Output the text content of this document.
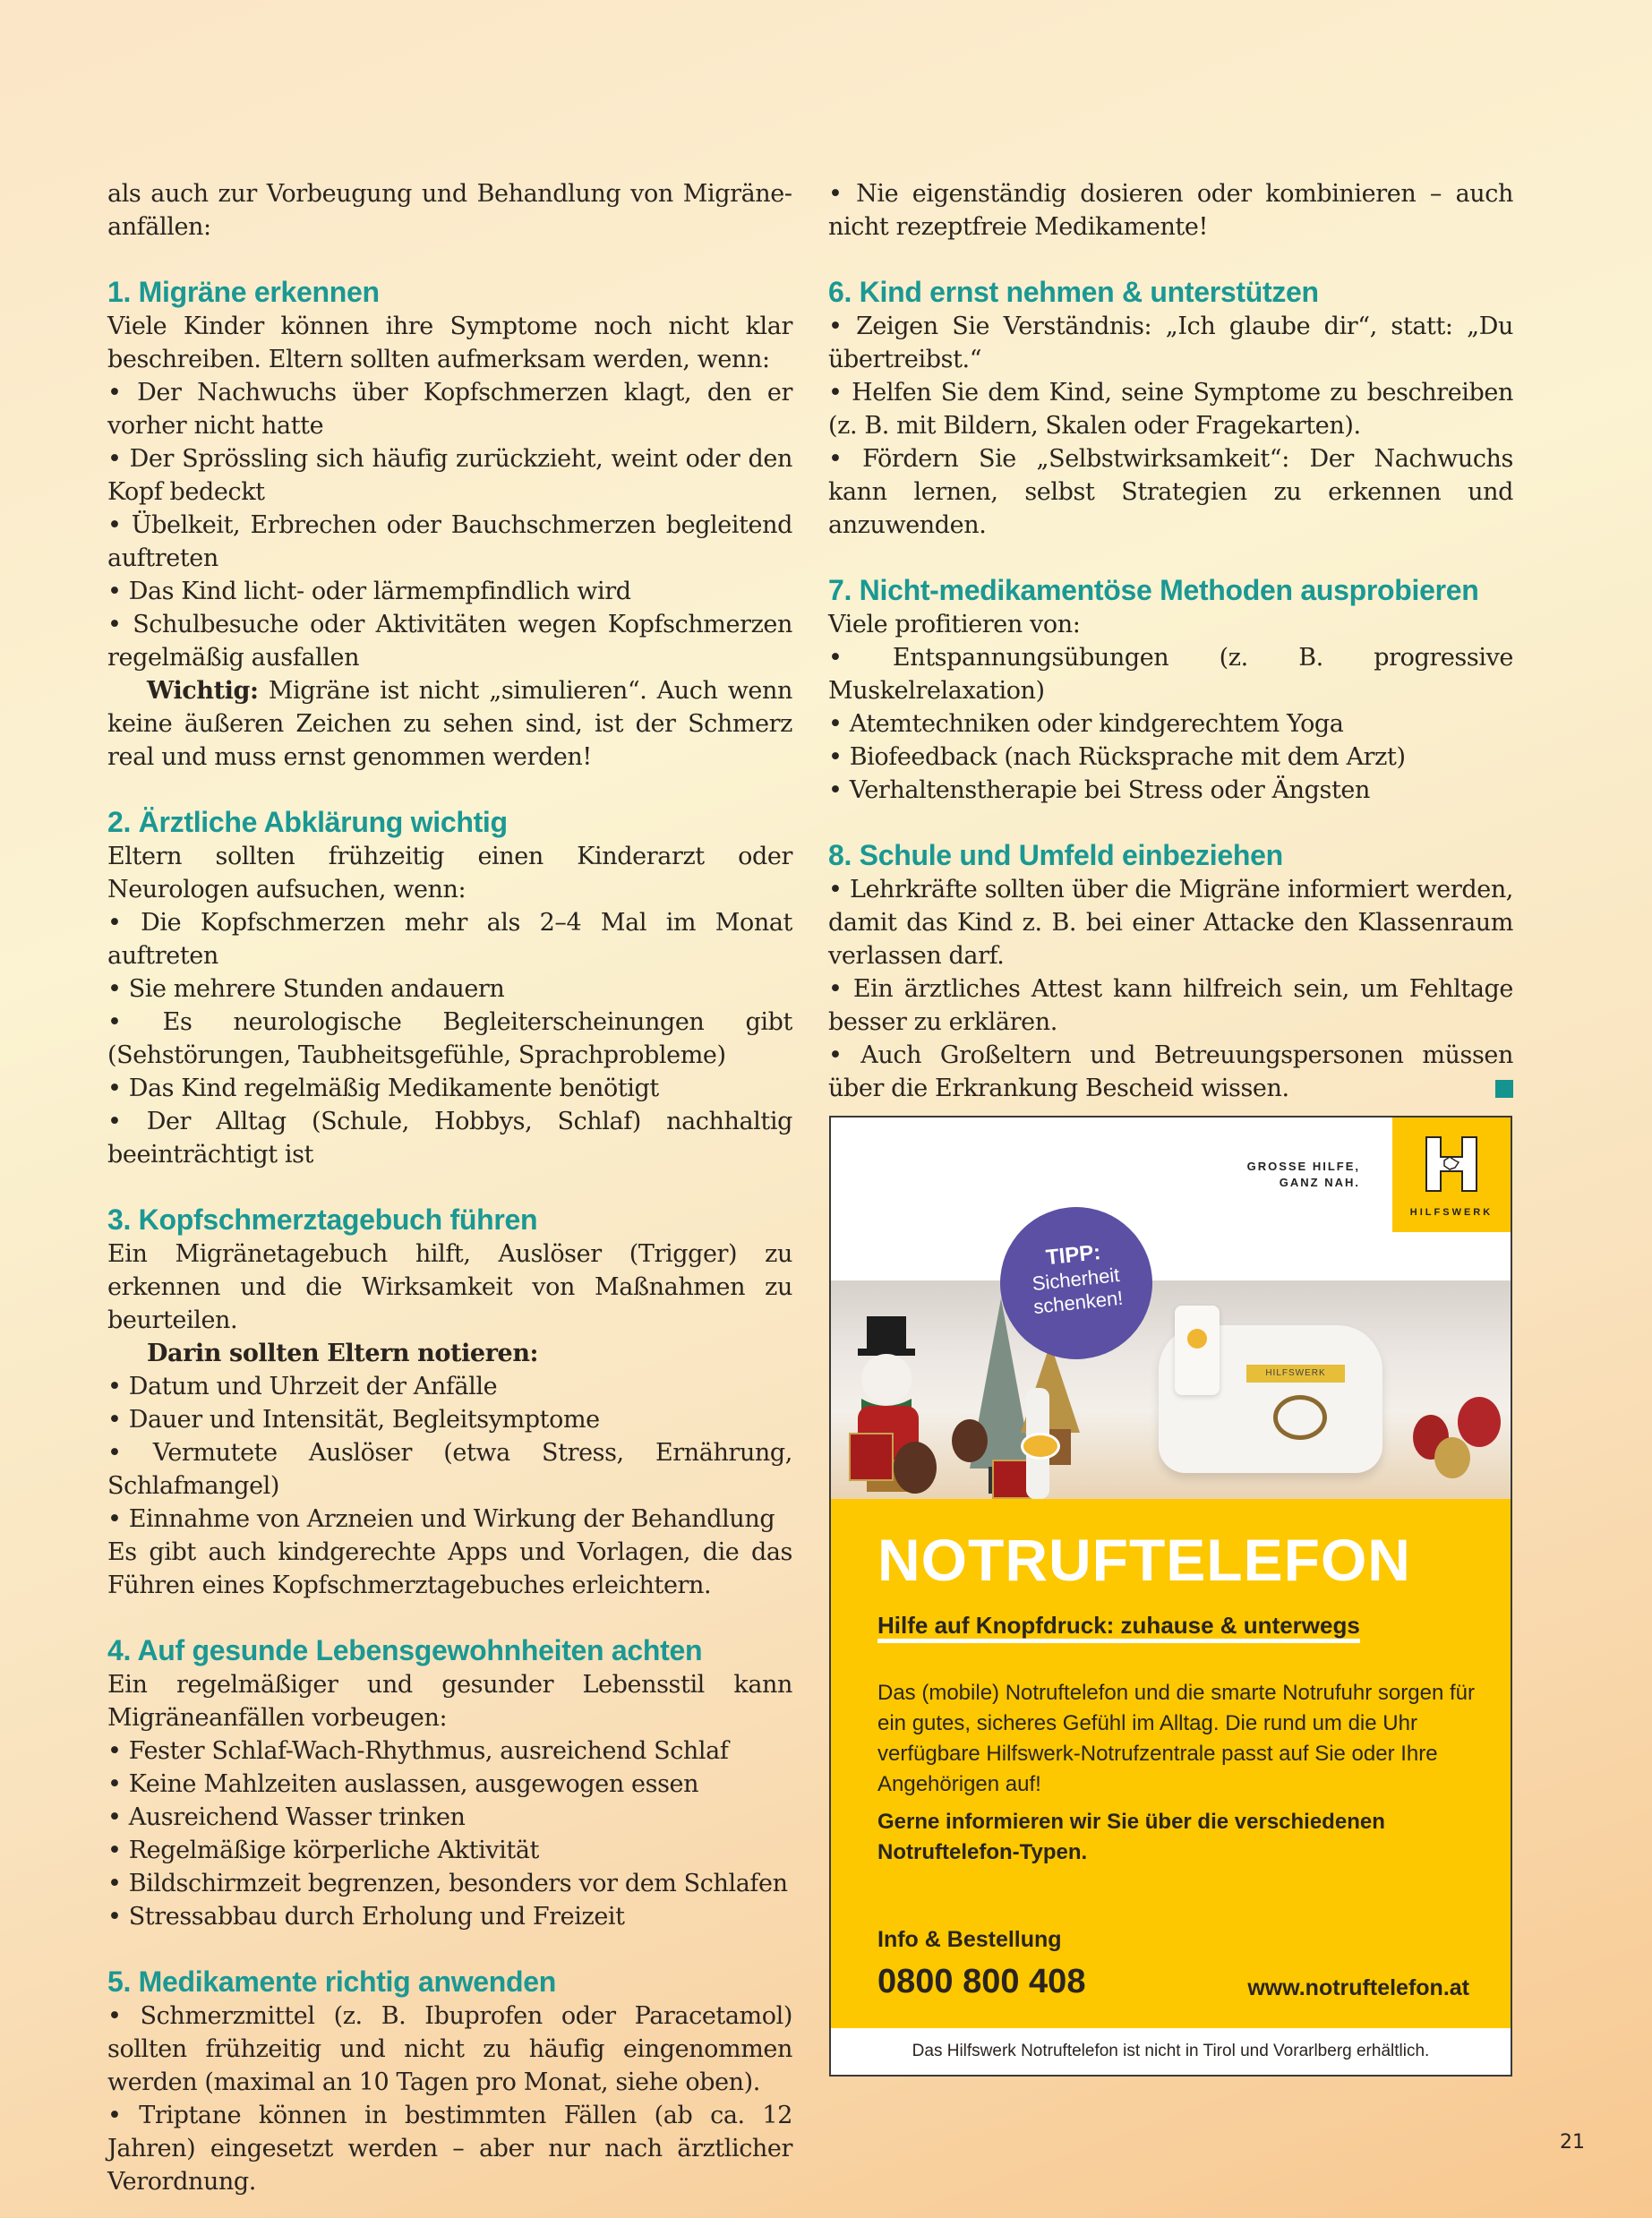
als auch zur Vorbeugung und Behandlung von Migräneanfällen:

1. Migräne erkennen

Viele Kinder können ihre Symptome noch nicht klar beschreiben. Eltern sollten aufmerksam werden, wenn:

• Der Nachwuchs über Kopfschmerzen klagt, den er vorher nicht hatte
• Der Sprössling sich häufig zurückzieht, weint oder den Kopf bedeckt
• Übelkeit, Erbrechen oder Bauchschmerzen begleitend auftreten
• Das Kind licht- oder lärmempfindlich wird
• Schulbesuche oder Aktivitäten wegen Kopfschmerzen regelmäßig ausfallen

Wichtig: Migräne ist nicht „simulieren“. Auch wenn keine äußeren Zeichen zu sehen sind, ist der Schmerz real und muss ernst genommen werden!

2. Ärztliche Abklärung wichtig

Eltern sollten frühzeitig einen Kinderarzt oder Neurologen aufsuchen, wenn:

• Die Kopfschmerzen mehr als 2–4 Mal im Monat auftreten
• Sie mehrere Stunden andauern
• Es neurologische Begleiterscheinungen gibt (Sehstörungen, Taubheitsgefühle, Sprachprobleme)
• Das Kind regelmäßig Medikamente benötigt
• Der Alltag (Schule, Hobbys, Schlaf) nachhaltig beeinträchtigt ist
3. Kopfschmerztagebuch führen

Ein Migränetagebuch hilft, Auslöser (Trigger) zu erkennen und die Wirksamkeit von Maßnahmen zu beurteilen.

Darin sollten Eltern notieren:

• Datum und Uhrzeit der Anfälle
• Dauer und Intensität, Begleitsymptome
• Vermutete Auslöser (etwa Stress, Ernährung, Schlafmangel)
• Einnahme von Arzneien und Wirkung der Behandlung

Es gibt auch kindgerechte Apps und Vorlagen, die das Führen eines Kopfschmerztagebuches erleichtern.

4. Auf gesunde Lebensgewohnheiten achten

Ein regelmäßiger und gesunder Lebensstil kann Migräneanfällen vorbeugen:

• Fester Schlaf-Wach-Rhythmus, ausreichend Schlaf
• Keine Mahlzeiten auslassen, ausgewogen essen
• Ausreichend Wasser trinken
• Regelmäßige körperliche Aktivität
• Bildschirmzeit begrenzen, besonders vor dem Schlafen
• Stressabbau durch Erholung und Freizeit
5. Medikamente richtig anwenden
• Schmerzmittel (z. B. Ibuprofen oder Paracetamol) sollten frühzeitig und nicht zu häufig eingenommen werden (maximal an 10 Tagen pro Monat, siehe oben).
• Triptane können in bestimmten Fällen (ab ca. 12 Jahren) eingesetzt werden – aber nur nach ärztlicher Verordnung.
• Nie eigenständig dosieren oder kombinieren – auch nicht rezeptfreie Medikamente!
6. Kind ernst nehmen & unterstützen
• Zeigen Sie Verständnis: „Ich glaube dir“, statt: „Du übertreibst.“
• Helfen Sie dem Kind, seine Symptome zu beschreiben (z. B. mit Bildern, Skalen oder Fragekarten).
• Fördern Sie „Selbstwirksamkeit“: Der Nachwuchs kann lernen, selbst Strategien zu erkennen und anzuwenden.
7. Nicht-medikamentöse Methoden ausprobieren

Viele profitieren von:

• Entspannungsübungen (z. B. progressive Muskelrelaxation)
• Atemtechniken oder kindgerechtem Yoga
• Biofeedback (nach Rücksprache mit dem Arzt)
• Verhaltenstherapie bei Stress oder Ängsten
8. Schule und Umfeld einbeziehen
• Lehrkräfte sollten über die Migräne informiert werden, damit das Kind z. B. bei einer Attacke den Klassenraum verlassen darf.
• Ein ärztliches Attest kann hilfreich sein, um Fehltage besser zu erklären.
• Auch Großeltern und Betreuungspersonen müssen über die Erkrankung Bescheid wissen.
GROSSE HILFE,
GANZ NAH.
HILFSWERK
HILFSWERK
TIPP:
Sicherheit
schenken!
NOTRUFTELEFON
Hilfe auf Knopfdruck: zuhause & unterwegs
Das (mobile) Notruftelefon und die smarte Notrufuhr sorgen für ein gutes, sicheres Gefühl im Alltag. Die rund um die Uhr verfügbare Hilfswerk-Notrufzentrale passt auf Sie oder Ihre Angehörigen auf!
Gerne informieren wir Sie über die verschiedenen Notruftelefon-Typen.
Info & Bestellung
0800 800 408	www.notruftelefon.at
Das Hilfswerk Notruftelefon ist nicht in Tirol und Vorarlberg erhältlich.
21
